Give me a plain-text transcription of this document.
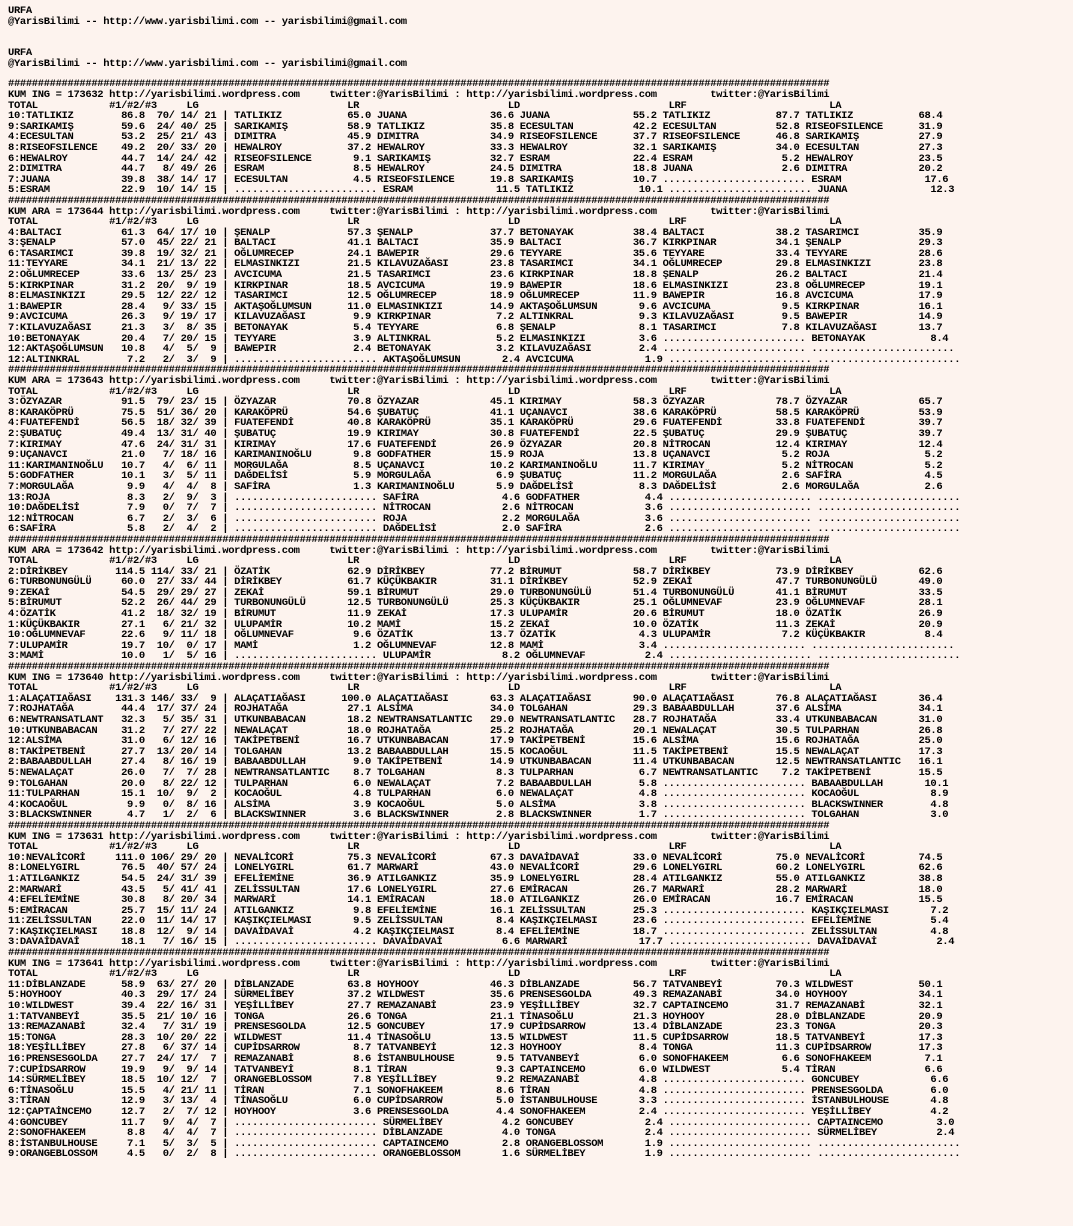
URFA
@YarisBilimi -- http://www.yarisbilimi.com -- yarisbilimi@gmail.com
URFA
@YarisBilimi -- http://www.yarisbilimi.com -- yarisbilimi@gmail.com
##########################################################################################################################################
KUM ING = 173632 http://yarisbilimi.wordpress.com     twitter:@YarisBilimi : http://yarisbilimi.wordpress.com         twitter:@YarisBilimi
TOTAL            #1/#2/#3     LG                         LR                         LD                         LRF                        LA
10:TATLIKIZ        86.8  70/ 14/ 21 | TATLIKIZ           65.0 JUANA              36.6 JUANA              55.2 TATLIKIZ           87.7 TATLIKIZ           68.4
9:SARIKAMIŞ        59.6  24/ 40/ 25 | SARIKAMIŞ          58.9 TATLIKIZ           35.8 ECESULTAN          42.2 ECESULTAN          52.8 RISEOFSILENCE      31.9
4:ECESULTAN        53.2  25/ 21/ 43 | DIMITRA            45.9 DIMITRA            34.9 RISEOFSILENCE      37.7 RISEOFSILENCE      46.8 SARIKAMIŞ          27.9
8:RISEOFSILENCE    49.2  20/ 33/ 20 | HEWALROY           37.2 HEWALROY           33.3 HEWALROY           32.1 SARIKAMIŞ          34.0 ECESULTAN          27.3
6:HEWALROY         44.7  14/ 24/ 42 | RISEOFSILENCE       9.1 SARIKAMIŞ          32.7 ESRAM              22.4 ESRAM               5.2 HEWALROY           23.5
2:DIMITRA          44.7   8/ 49/ 26 | ESRAM               8.5 HEWALROY           24.5 DIMITRA            18.8 JUANA               2.6 DIMITRA            20.2
7:JUANA            39.8  38/ 14/ 17 | ECESULTAN           4.5 RISEOFSILENCE      19.8 SARIKAMIŞ          10.7 ........................ ESRAM              17.6
5:ESRAM            22.9  10/ 14/ 15 | ........................ ESRAM              11.5 TATLIKIZ           10.1 ........................ JUANA              12.3
##########################################################################################################################################
KUM ARA = 173644 http://yarisbilimi.wordpress.com     twitter:@YarisBilimi : http://yarisbilimi.wordpress.com         twitter:@YarisBilimi
TOTAL            #1/#2/#3     LG                         LR                         LD                         LRF                        LA
4:BALTACI          61.3  64/ 17/ 10 | ŞENALP             57.3 ŞENALP             37.7 BETONAYAK          38.4 BALTACI            38.2 TASARIMCI          35.9
3:ŞENALP           57.0  45/ 22/ 21 | BALTACI            41.1 BALTACI            35.9 BALTACI            36.7 KIRKPINAR          34.1 ŞENALP             29.3
6:TASARIMCI        39.8  19/ 32/ 21 | OĞLUMRECEP         24.1 BAWEPIR            29.6 TEYYARE            35.6 TEYYARE            33.4 TEYYARE            28.6
11:TEYYARE         34.1  21/ 13/ 22 | ELMASINKIZI        21.5 KILAVUZAĞASI       23.8 TASARIMCI          34.1 OĞLUMRECEP         29.8 ELMASINKIZI        23.8
2:OĞLUMRECEP       33.6  13/ 25/ 23 | AVCICUMA           21.5 TASARIMCI          23.6 KIRKPINAR          18.8 ŞENALP             26.2 BALTACI            21.4
5:KIRKPINAR        31.2  20/  9/ 19 | KIRKPINAR          18.5 AVCICUMA           19.9 BAWEPIR            18.6 ELMASINKIZI        23.8 OĞLUMRECEP         19.1
8:ELMASINKIZI      29.5  12/ 22/ 12 | TASARIMCI          12.5 OĞLUMRECEP         18.9 OĞLUMRECEP         11.9 BAWEPIR            16.8 AVCICUMA           17.9
1:BAWEPIR          28.4   9/ 33/ 15 | AKTAŞOĞLUMSUN      11.0 ELMASINKIZI        14.9 AKTAŞOĞLUMSUN       9.6 AVCICUMA            9.5 KIRKPINAR          16.1
9:AVCICUMA         26.3   9/ 19/ 17 | KILAVUZAĞASI        9.9 KIRKPINAR           7.2 ALTINKRAL           9.3 KILAVUZAĞASI        9.5 BAWEPIR            14.9
7:KILAVUZAĞASI     21.3   3/  8/ 35 | BETONAYAK           5.4 TEYYARE             6.8 ŞENALP              8.1 TASARIMCI           7.8 KILAVUZAĞASI       13.7
10:BETONAYAK       20.4   7/ 20/ 15 | TEYYARE             3.9 ALTINKRAL           5.2 ELMASINKIZI         3.6 ........................ BETONAYAK           8.4
12:AKTAŞOĞLUMSUN   10.8   4/  5/  9 | BAWEPIR             2.4 BETONAYAK           3.2 KILAVUZAĞASI        2.4 ........................ ........................
12:ALTINKRAL        7.2   2/  3/  9 | ........................ AKTAŞOĞLUMSUN       2.4 AVCICUMA            1.9 ........................ ........................
##########################################################################################################################################
KUM ARA = 173643 http://yarisbilimi.wordpress.com     twitter:@YarisBilimi : http://yarisbilimi.wordpress.com         twitter:@YarisBilimi
TOTAL            #1/#2/#3     LG                         LR                         LD                         LRF                        LA
3:ÖZYAZAR          91.5  79/ 23/ 15 | ÖZYAZAR            70.8 ÖZYAZAR            45.1 KIRIMAY            58.3 ÖZYAZAR            78.7 ÖZYAZAR            65.7
8:KARAKÖPRÜ        75.5  51/ 36/ 20 | KARAKÖPRÜ          54.6 ŞUBATUÇ            41.1 UÇANAVCI           38.6 KARAKÖPRÜ          58.5 KARAKÖPRÜ          53.9
4:FUATEFENDİ       56.5  18/ 32/ 39 | FUATEFENDİ         40.8 KARAKÖPRÜ          35.1 KARAKÖPRÜ          29.6 FUATEFENDİ         33.8 FUATEFENDİ         39.7
2:ŞUBATUÇ          49.4  13/ 31/ 40 | ŞUBATUÇ            19.9 KIRIMAY            30.8 FUATEFENDİ         22.5 ŞUBATUÇ            29.9 ŞUBATUÇ            39.7
7:KIRIMAY          47.6  24/ 31/ 31 | KIRIMAY            17.6 FUATEFENDİ         26.9 ÖZYAZAR            20.8 NİTROCAN           12.4 KIRIMAY            12.4
9:UÇANAVCI         21.0   7/ 18/ 16 | KARIMANINOĞLU       9.8 GODFATHER          15.9 ROJA               13.8 UÇANAVCI            5.2 ROJA                5.2
11:KARIMANINOĞLU   10.7   4/  6/ 11 | MORGULAĞA           8.5 UÇANAVCI           10.2 KARIMANINOĞLU      11.7 KIRIMAY             5.2 NİTROCAN            5.2
5:GODFATHER        10.1   3/  5/ 11 | DAĞDELİSİ           5.9 MORGULAĞA           6.9 ŞUBATUÇ            11.2 MORGULAĞA           2.6 SAFİRA              4.5
7:MORGULAĞA         9.9   4/  4/  8 | SAFİRA              1.3 KARIMANINOĞLU       5.9 DAĞDELİSİ           8.3 DAĞDELİSİ           2.6 MORGULAĞA           2.6
13:ROJA             8.3   2/  9/  3 | ........................ SAFİRA              4.6 GODFATHER           4.4 ........................ ........................
10:DAĞDELİSİ        7.9   0/  7/  7 | ........................ NİTROCAN            2.6 NİTROCAN            3.6 ........................ ........................
12:NİTROCAN         6.7   2/  3/  6 | ........................ ROJA                2.2 MORGULAĞA           3.6 ........................ ........................
6:SAFİRA            5.8   2/  4/  2 | ........................ DAĞDELİSİ           2.0 SAFİRA              2.6 ........................ ........................
##########################################################################################################################################
KUM ARA = 173642 http://yarisbilimi.wordpress.com     twitter:@YarisBilimi : http://yarisbilimi.wordpress.com         twitter:@YarisBilimi
TOTAL            #1/#2/#3     LG                         LR                         LD                         LRF                        LA
2:DİRİKBEY        114.5 114/ 33/ 21 | ÖZATİK             62.9 DİRİKBEY           77.2 BİRUMUT            58.7 DİRİKBEY           73.9 DİRİKBEY           62.6
6:TURBONUNGÜLÜ     60.0  27/ 33/ 44 | DİRİKBEY           61.7 KÜÇÜKBAKIR         31.1 DİRİKBEY           52.9 ZEKAİ              47.7 TURBONUNGÜLÜ       49.0
9:ZEKAİ            54.5  29/ 29/ 27 | ZEKAİ              59.1 BİRUMUT            29.0 TURBONUNGÜLÜ       51.4 TURBONUNGÜLÜ       41.1 BİRUMUT            33.5
5:BİRUMUT          52.2  26/ 44/ 29 | TURBONUNGÜLÜ       12.5 TURBONUNGÜLÜ       25.3 KÜÇÜKBAKIR         25.1 OĞLUMNEVAF         23.9 OĞLUMNEVAF         28.1
4:ÖZATİK           41.2  18/ 32/ 19 | BİRUMUT            11.9 ZEKAİ              17.3 ULUPAMİR           20.6 BİRUMUT            18.0 ÖZATİK             26.9
1:KÜÇÜKBAKIR       27.1   6/ 21/ 32 | ULUPAMİR           10.2 MAMİ               15.2 ZEKAİ              10.0 ÖZATİK             11.3 ZEKAİ              20.9
10:OĞLUMNEVAF      22.6   9/ 11/ 18 | OĞLUMNEVAF          9.6 ÖZATİK             13.7 ÖZATİK              4.3 ULUPAMİR            7.2 KÜÇÜKBAKIR          8.4
7:ULUPAMİR         19.7  10/  0/ 17 | MAMİ                1.2 OĞLUMNEVAF         12.8 MAMİ                3.4 ........................ ........................
3:MAMİ             10.0   1/  5/ 16 | ........................ ULUPAMİR            8.2 OĞLUMNEVAF          2.4 ........................ ........................
##########################################################################################################################################
KUM ING = 173640 http://yarisbilimi.wordpress.com     twitter:@YarisBilimi : http://yarisbilimi.wordpress.com         twitter:@YarisBilimi
TOTAL            #1/#2/#3     LG                         LR                         LD                         LRF                        LA
1:ALAÇATIAĞASI    131.3 146/ 33/  9 | ALAÇATIAĞASI      100.0 ALAÇATIAĞASI       63.3 ALAÇATIAĞASI       90.0 ALAÇATIAĞASI       76.8 ALAÇATIAĞASI       36.4
7:ROJHATAĞA        44.4  17/ 37/ 24 | ROJHATAĞA          27.1 ALSİMA             34.0 TOLGAHAN           29.3 BABAABDULLAH       37.6 ALSİMA             34.1
6:NEWTRANSATLANT   32.3   5/ 35/ 31 | UTKUNBABACAN       18.2 NEWTRANSATLANTIC   29.0 NEWTRANSATLANTIC   28.7 ROJHATAĞA          33.4 UTKUNBABACAN       31.0
10:UTKUNBABACAN    31.2   7/ 27/ 22 | NEWALAÇAT          18.0 ROJHATAĞA          25.2 ROJHATAĞA          20.1 NEWALAÇAT          30.5 TULPARHAN          26.8
12:ALSİMA          31.0   6/ 12/ 16 | TAKİPETBENİ        16.7 UTKUNBABACAN       17.9 TAKİPETBENİ        15.6 ALSİMA             15.6 ROJHATAĞA          25.0
8:TAKİPETBENİ      27.7  13/ 20/ 14 | TOLGAHAN           13.2 BABAABDULLAH       15.5 KOCAOĞUL           11.5 TAKİPETBENİ        15.5 NEWALAÇAT          17.3
2:BABAABDULLAH     27.4   8/ 16/ 19 | BABAABDULLAH        9.0 TAKİPETBENİ        14.9 UTKUNBABACAN       11.4 UTKUNBABACAN       12.5 NEWTRANSATLANTIC   16.1
5:NEWALAÇAT        26.0   7/  7/ 28 | NEWTRANSATLANTIC    8.7 TOLGAHAN            8.3 TULPARHAN           6.7 NEWTRANSATLANTIC    7.2 TAKİPETBENİ        15.5
9:TOLGAHAN         20.0   8/ 22/ 12 | TULPARHAN           6.0 NEWALAÇAT           7.2 BABAABDULLAH        5.8 ........................ BABAABDULLAH       10.1
11:TULPARHAN       15.1  10/  9/  2 | KOCAOĞUL            4.8 TULPARHAN           6.0 NEWALAÇAT           4.8 ........................ KOCAOĞUL            8.9
4:KOCAOĞUL          9.9   0/  8/ 16 | ALSİMA              3.9 KOCAOĞUL            5.0 ALSİMA              3.8 ........................ BLACKSWINNER        4.8
3:BLACKSWINNER      4.7   1/  2/  6 | BLACKSWINNER        3.6 BLACKSWINNER        2.8 BLACKSWINNER        1.7 ........................ TOLGAHAN            3.0
##########################################################################################################################################
KUM ING = 173631 http://yarisbilimi.wordpress.com     twitter:@YarisBilimi : http://yarisbilimi.wordpress.com         twitter:@YarisBilimi
TOTAL            #1/#2/#3     LG                         LR                         LD                         LRF                        LA
10:NEVALİCORİ     111.0 106/ 29/ 20 | NEVALİCORİ         75.3 NEVALİCORİ         67.3 DAVAİDAVAİ         33.0 NEVALİCORİ         75.0 NEVALİCORİ         74.5
8:LONELYGIRL       76.5  40/ 57/ 24 | LONELYGIRL         61.7 MARWARİ            43.0 NEVALİCORİ         29.6 LONELYGIRL         60.2 LONELYGIRL         62.6
1:ATILGANKIZ       54.5  24/ 31/ 39 | EFELİEMİNE         36.9 ATILGANKIZ         35.9 LONELYGIRL         28.4 ATILGANKIZ         55.0 ATILGANKIZ         38.8
2:MARWARİ          43.5   5/ 41/ 41 | ZELİSSULTAN        17.6 LONELYGIRL         27.6 EMİRACAN           26.7 MARWARİ            28.2 MARWARİ            18.0
4:EFELİEMİNE       30.8   8/ 20/ 34 | MARWARİ            14.1 EMİRACAN           18.0 ATILGANKIZ         26.0 EMİRACAN           16.7 EMİRACAN           15.5
5:EMİRACAN         25.7  15/ 11/ 24 | ATILGANKIZ          9.8 EFELİEMİNE         16.1 ZELİSSULTAN        25.3 ........................ KAŞIKÇIELMASI       7.2
11:ZELİSSULTAN     22.0  11/ 14/ 17 | KAŞIKÇIELMASI       9.5 ZELİSSULTAN         8.4 KAŞIKÇIELMASI      23.6 ........................ EFELİEMİNE          5.4
7:KAŞIKÇIELMASI    18.8  12/  9/ 14 | DAVAİDAVAİ          4.2 KAŞIKÇIELMASI       8.4 EFELİEMİNE         18.7 ........................ ZELİSSULTAN         4.8
3:DAVAİDAVAİ       18.1   7/ 16/ 15 | ........................ DAVAİDAVAİ          6.6 MARWARİ            17.7 ........................ DAVAİDAVAİ          2.4
##########################################################################################################################################
KUM ING = 173641 http://yarisbilimi.wordpress.com     twitter:@YarisBilimi : http://yarisbilimi.wordpress.com         twitter:@YarisBilimi
TOTAL            #1/#2/#3     LG                         LR                         LD                         LRF                        LA
11:DİBLANZADE      58.9  63/ 27/ 20 | DİBLANZADE         63.8 HOYHOOY            46.3 DİBLANZADE         56.7 TATVANBEYİ         70.3 WILDWEST           50.1
5:HOYHOOY          40.3  29/ 17/ 24 | SÜRMELİBEY         37.2 WILDWEST           35.6 PRENSESGOLDA       49.3 REMAZANABİ         34.0 HOYHOOY            34.1
10:WILDWEST        39.4  22/ 16/ 31 | YEŞİLLİBEY         27.7 REMAZANABİ         23.9 YEŞİLLİBEY         32.7 CAPTAINCEMO        31.7 REMAZANABİ         32.1
1:TATVANBEYİ       35.5  21/ 10/ 16 | TONGA              26.6 TONGA              21.1 TİNASOĞLU          21.3 HOYHOOY            28.0 DİBLANZADE         20.9
13:REMAZANABİ      32.4   7/ 31/ 19 | PRENSESGOLDA       12.5 GONCUBEY           17.9 CUPİDSARROW        13.4 DİBLANZADE         23.3 TONGA              20.3
15:TONGA           28.3  10/ 20/ 22 | WILDWEST           11.4 TİNASOĞLU          13.5 WILDWEST           11.5 CUPİDSARROW        18.5 TATVANBEYİ         17.3
18:YEŞİLLİBEY      27.8   6/ 37/ 14 | CUPİDSARROW         8.7 TATVANBEYİ         12.3 HOYHOOY             8.4 TONGA              11.3 CUPİDSARROW        17.3
16:PRENSESGOLDA    27.7  24/ 17/  7 | REMAZANABİ          8.6 İSTANBULHOUSE       9.5 TATVANBEYİ          6.0 SONOFHAKEEM         6.6 SONOFHAKEEM         7.1
7:CUPİDSARROW      19.9   9/  9/ 14 | TATVANBEYİ          8.1 TİRAN               9.3 CAPTAINCEMO         6.0 WILDWEST            5.4 TİRAN               6.6
14:SÜRMELİBEY      18.5  10/ 12/  7 | ORANGEBLOSSOM       7.8 YEŞİLLİBEY          9.2 REMAZANABİ          4.8 ........................ GONCUBEY            6.6
6:TİNASOĞLU        15.5   4/ 21/ 11 | TİRAN               7.1 SONOFHAKEEM         8.6 TİRAN               4.8 ........................ PRENSESGOLDA        6.0
3:TİRAN            12.9   3/ 13/  4 | TİNASOĞLU           6.0 CUPİDSARROW         5.0 İSTANBULHOUSE       3.3 ........................ İSTANBULHOUSE       4.8
12:ÇAPTAİNCEMO     12.7   2/  7/ 12 | HOYHOOY             3.6 PRENSESGOLDA        4.4 SONOFHAKEEM         2.4 ........................ YEŞİLLİBEY          4.2
4:GONCUBEY         11.7   9/  4/  7 | ........................ SÜRMELİBEY          4.2 GONCUBEY            2.4 ........................ CAPTAINCEMO         3.0
2:SONOFHAKEEM       8.8   4/  4/  7 | ........................ DİBLANZADE          4.0 TONGA               2.4 ........................ SÜRMELİBEY          2.4
8:İSTANBULHOUSE     7.1   5/  3/  5 | ........................ CAPTAINCEMO         2.8 ORANGEBLOSSOM       1.9 ........................ ........................
9:ORANGEBLOSSOM     4.5   0/  2/  8 | ........................ ORANGEBLOSSOM       1.6 SÜRMELİBEY          1.9 ........................ ........................
